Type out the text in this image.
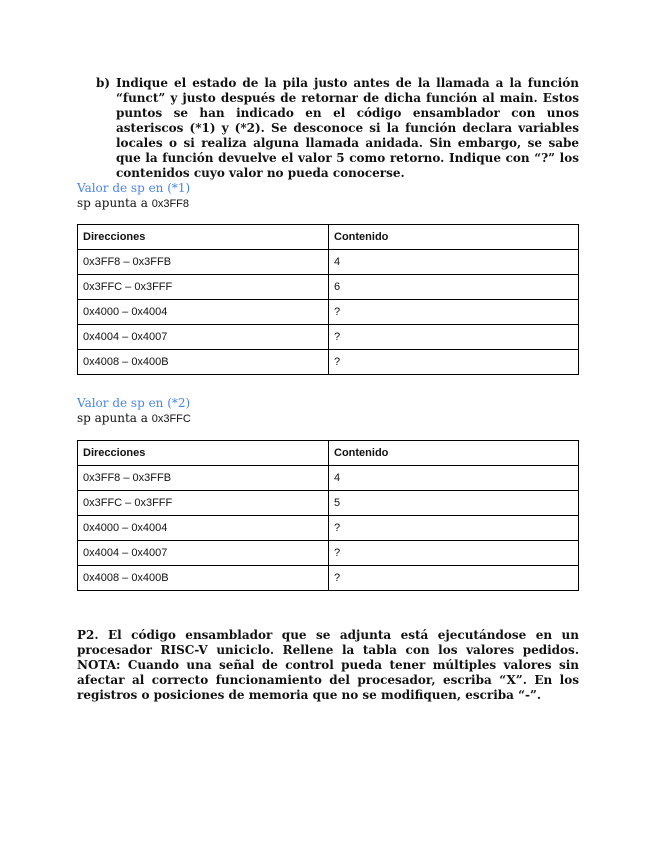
b) Indique el estado de la pila justo antes de la llamada a la función “funct” y justo después de retornar de dicha función al main. Estos puntos se han indicado en el código ensamblador con unos asteriscos (*1) y (*2). Se desconoce si la función declara variables locales o si realiza alguna llamada anidada. Sin embargo, se sabe que la función devuelve el valor 5 como retorno. Indique con “?” los contenidos cuyo valor no pueda conocerse.
Valor de sp en (*1)
sp apunta a 0x3FF8
Direcciones	Contenido
0x3FF8 – 0x3FFB	4
0x3FFC – 0x3FFF	6
0x4000 – 0x4004	?
0x4004 – 0x4007	?
0x4008 – 0x400B	?
Valor de sp en (*2)
sp apunta a 0x3FFC
Direcciones	Contenido
0x3FF8 – 0x3FFB	4
0x3FFC – 0x3FFF	5
0x4000 – 0x4004	?
0x4004 – 0x4007	?
0x4008 – 0x400B	?
P2. El código ensamblador que se adjunta está ejecutándose en un procesador RISC-V uniciclo. Rellene la tabla con los valores pedidos. NOTA: Cuando una señal de control pueda tener múltiples valores sin afectar al correcto funcionamiento del procesador, escriba “X”. En los registros o posiciones de memoria que no se modifiquen, escriba “-”.
